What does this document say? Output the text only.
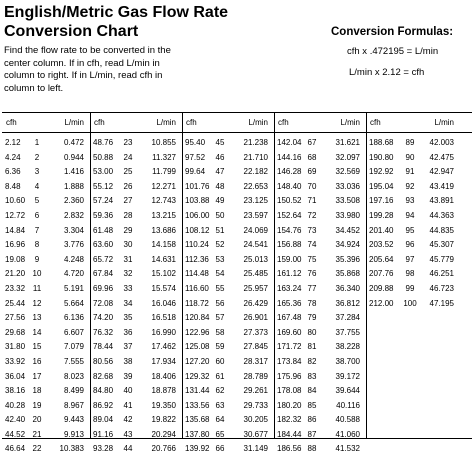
English/Metric Gas Flow Rate
Conversion Chart
Find the flow rate to be converted in the center column. If in cfh, read L/min in column to right. If in L/min, read cfh in column to left.
Conversion Formulas:
cfh x .472195 = L/min
L/min x 2.12 = cfh
cfh	L/min
2.12	1	0.472
4.24	2	0.944
6.36	3	1.416
8.48	4	1.888
10.60	5	2.360
12.72	6	2.832
14.84	7	3.304
16.96	8	3.776
19.08	9	4.248
21.20 10	4.720
23.32 11	5.191
25.44 12	5.664
27.56 13	6.136
29.68 14	6.607
31.80 15	7.079
33.92 16	7.555
36.04 17	8.023
38.16 18	8.499
40.28 19	8.967
42.40 20	9.443
44.52 21	9.913
46.64 22	10.383
cfh	L/min
48.76	23	10.855
50.88	24	11.327
53.00	25	11.799
55.12	26	12.271
57.24	27	12.743
59.36	28	13.215
61.48	29	13.686
63.60	30	14.158
65.72	31	14.631
67.84	32	15.102
69.96	33	15.574
72.08	34	16.046
74.20	35	16.518
76.32	36	16.990
78.44	37	17.462
80.56	38	17.934
82.68	39	18.406
84.80	40	18.878
86.92	41	19.350
89.04	42	19.822
91.16	43	20.294
93.28	44	20.766
cfh	L/min
95.40	45	21.238
97.52	46	21.710
99.64	47	22.182
101.76 48	22.653
103.88 49	23.125
106.00 50	23.597
108.12 51	24.069
110.24 52	24.541
112.36 53	25.013
114.48 54	25.485
116.60 55	25.957
118.72 56	26.429
120.84 57	26.901
122.96 58	27.373
125.08 59	27.845
127.20 60	28.317
129.32 61	28.789
131.44 62	29.261
133.56 63	29.733
135.68 64	30.205
137.80 65	30.677
139.92 66	31.149
cfh	L/min
142.04 67	31.621
144.16 68	32.097
146.28 69	32.569
148.40 70	33.036
150.52 71	33.508
152.64 72	33.980
154.76 73	34.452
156.88 74	34.924
159.00 75	35.396
161.12 76	35.868
163.24 77	36.340
165.36 78	36.812
167.48 79	37.284
169.60 80	37.755
171.72 81	38.228
173.84 82	38.700
175.96 83	39.172
178.08 84	39.644
180.20 85	40.116
182.32 86	40.588
184.44 87	41.060
186.56 88	41.532
cfh	L/min
188.68	89	42.003
190.80	90	42.475
192.92	91	42.947
195.04	92	43.419
197.16	93	43.891
199.28	94	44.363
201.40	95	44.835
203.52	96	45.307
205.64	97	45.779
207.76	98	46.251
209.88	99	46.723
212.00 100 47.195
